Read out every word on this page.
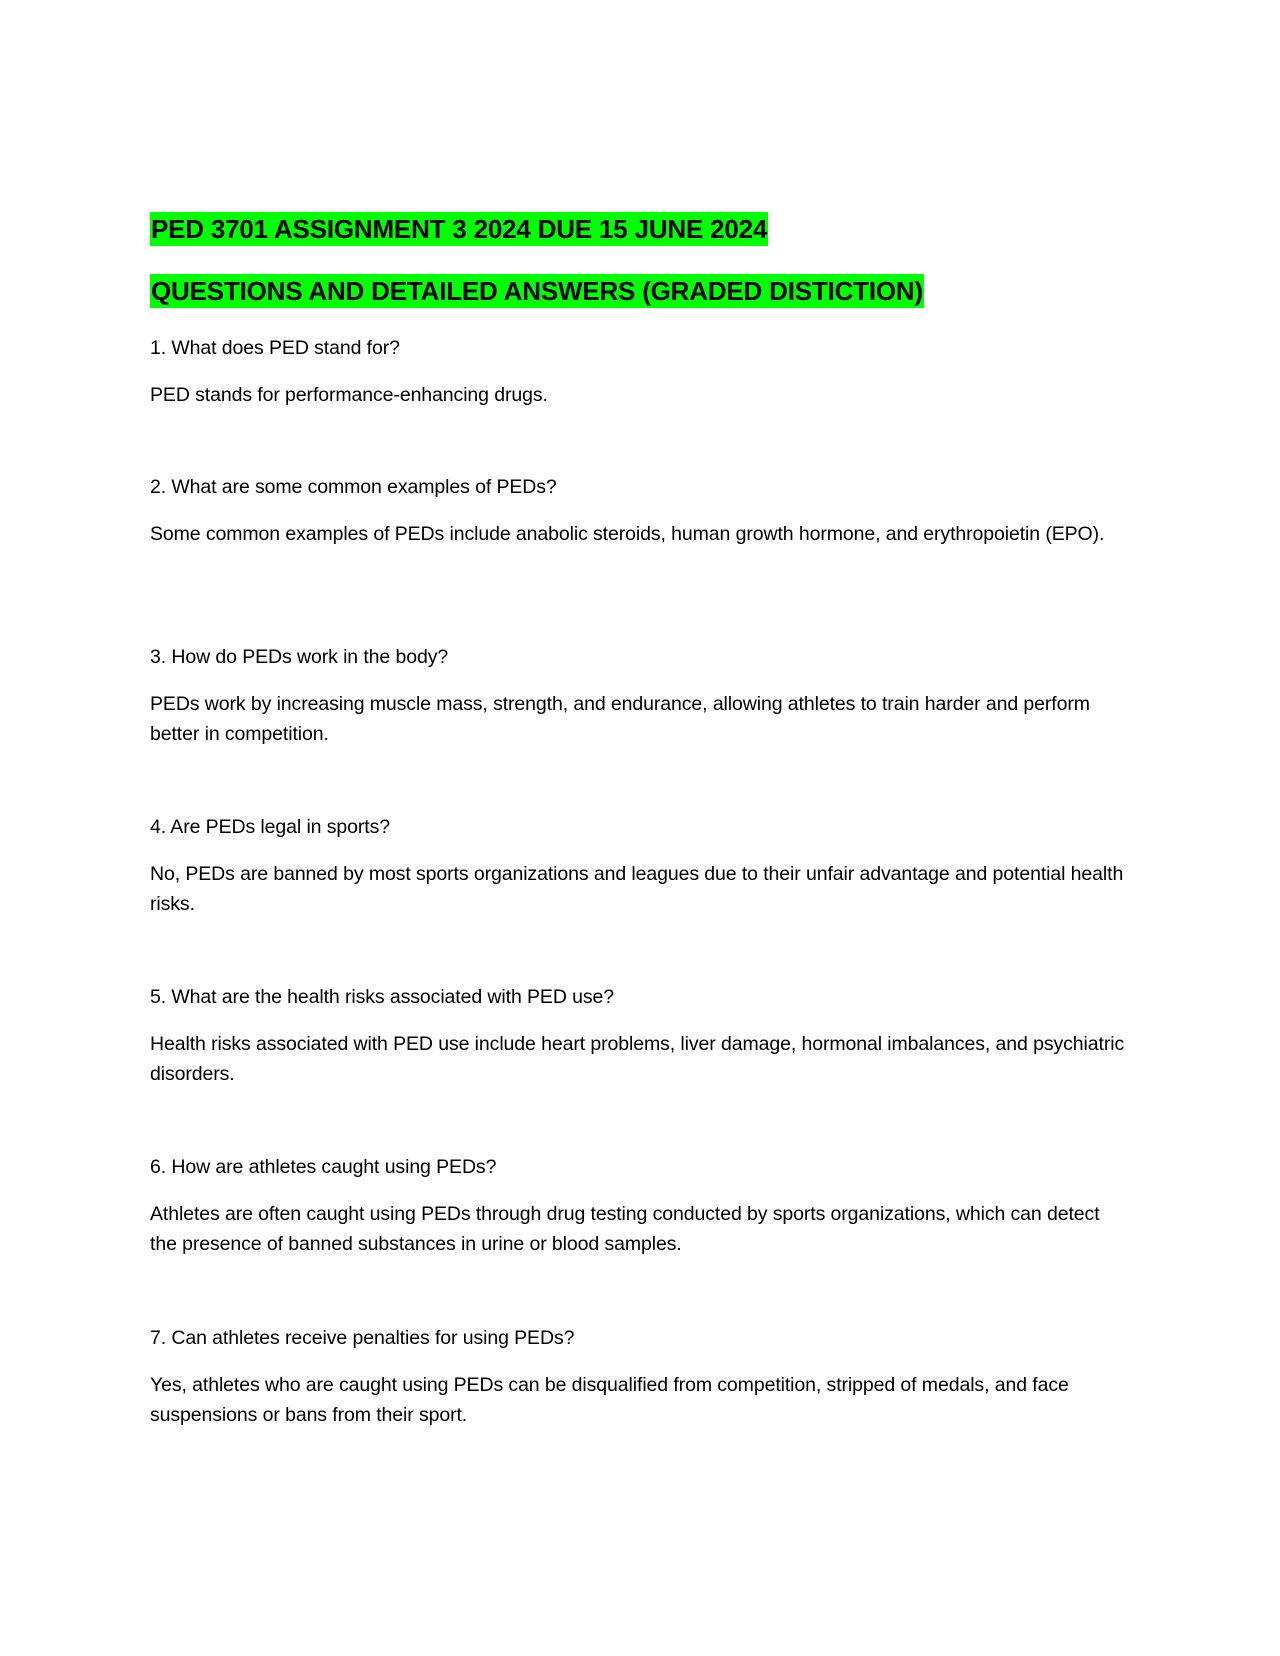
PED 3701 ASSIGNMENT 3 2024 DUE 15 JUNE 2024
QUESTIONS AND DETAILED ANSWERS (GRADED DISTICTION)

1. What does PED stand for?

PED stands for performance-enhancing drugs.

2. What are some common examples of PEDs?

Some common examples of PEDs include anabolic steroids, human growth hormone, and erythropoietin (EPO).

3. How do PEDs work in the body?

PEDs work by increasing muscle mass, strength, and endurance, allowing athletes to train harder and perform better in competition.

4. Are PEDs legal in sports?

No, PEDs are banned by most sports organizations and leagues due to their unfair advantage and potential health risks.

5. What are the health risks associated with PED use?

Health risks associated with PED use include heart problems, liver damage, hormonal imbalances, and psychiatric disorders.

6. How are athletes caught using PEDs?

Athletes are often caught using PEDs through drug testing conducted by sports organizations, which can detect the presence of banned substances in urine or blood samples.

7. Can athletes receive penalties for using PEDs?

Yes, athletes who are caught using PEDs can be disqualified from competition, stripped of medals, and face suspensions or bans from their sport.
